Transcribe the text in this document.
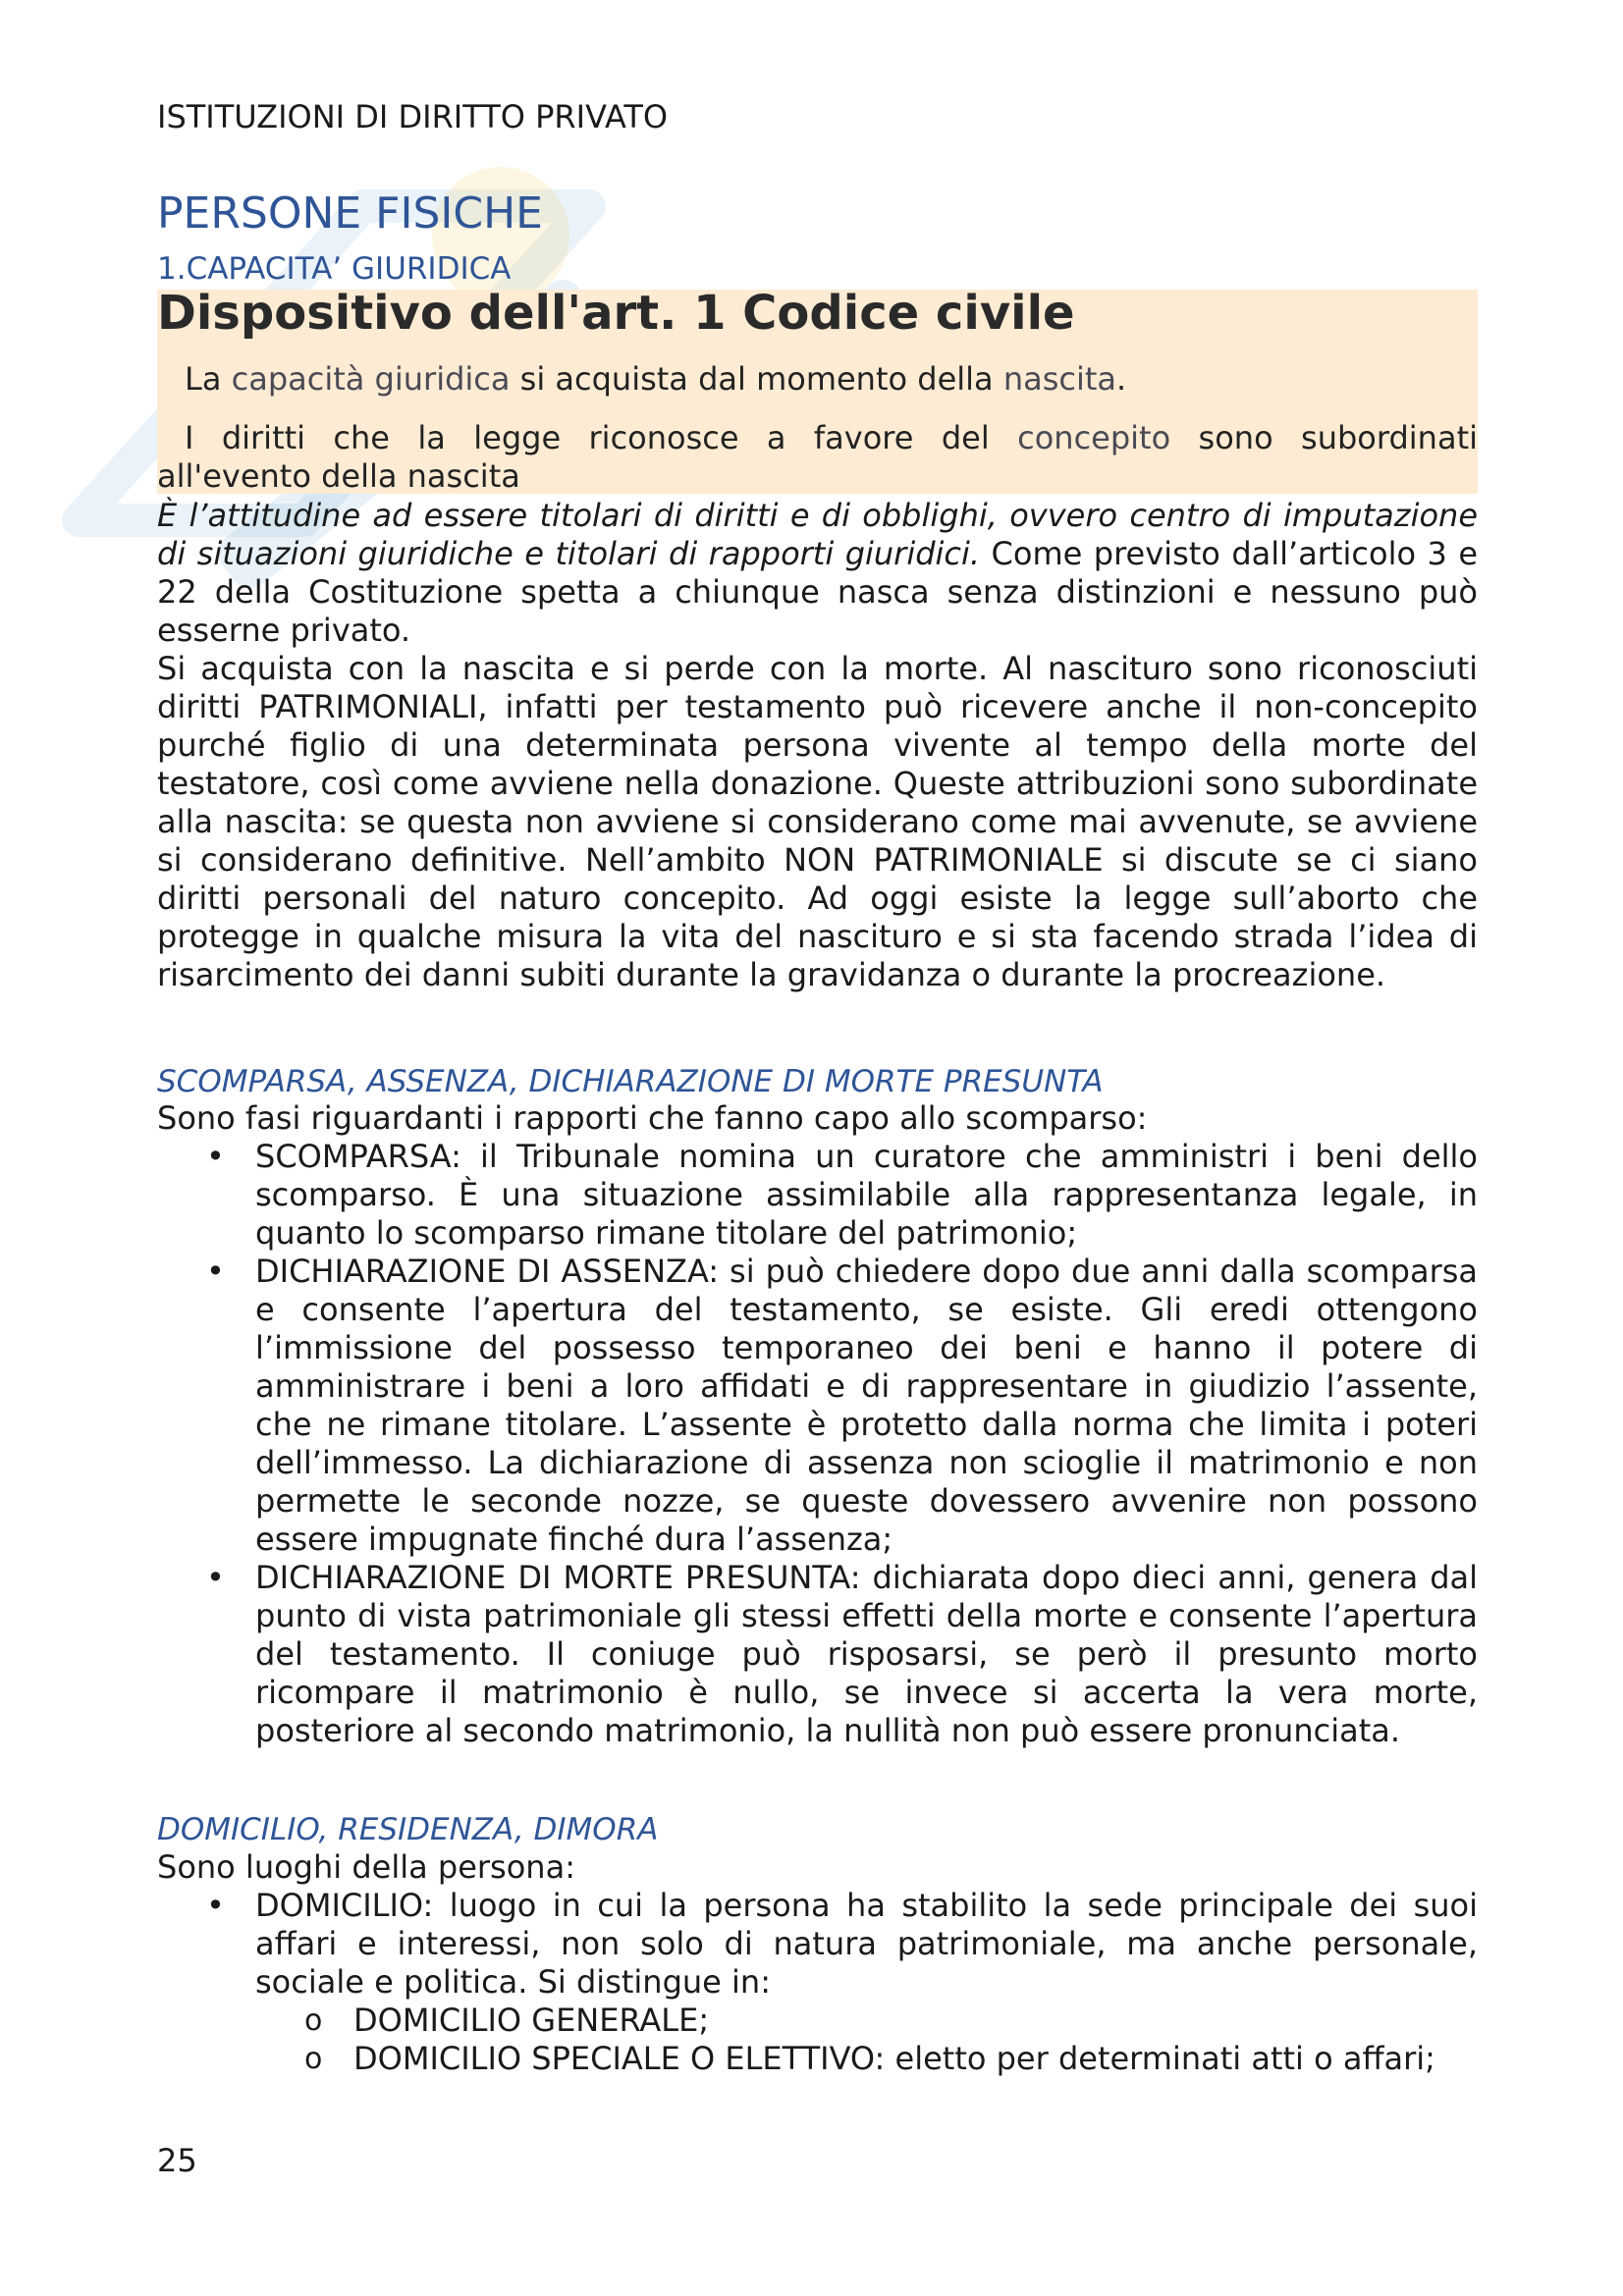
ISTITUZIONI DI DIRITTO PRIVATO
PERSONE FISICHE
1.CAPACITA’ GIURIDICA
Dispositivo dell'art. 1 Codice civile
La capacità giuridica si acquista dal momento della nascita.
I diritti che la legge riconosce a favore del concepito sono subordinati
all'evento della nascita

È l’attitudine ad essere titolari di diritti e di obblighi, ovvero centro di imputazione di situazioni giuridiche e titolari di rapporti giuridici. Come previsto dall’articolo 3 e 22 della Costituzione spetta a chiunque nasca senza distinzioni e nessuno può esserne privato.

Si acquista con la nascita e si perde con la morte. Al nascituro sono riconosciuti diritti PATRIMONIALI, infatti per testamento può ricevere anche il non-concepito purché figlio di una determinata persona vivente al tempo della morte del testatore, così come avviene nella donazione. Queste attribuzioni sono subordinate alla nascita: se questa non avviene si considerano come mai avvenute, se avviene si considerano definitive. Nell’ambito NON PATRIMONIALE si discute se ci siano diritti personali del naturo concepito. Ad oggi esiste la legge sull’aborto che protegge in qualche misura la vita del nascituro e si sta facendo strada l’idea di risarcimento dei danni subiti durante la gravidanza o durante la procreazione.

SCOMPARSA, ASSENZA, DICHIARAZIONE DI MORTE PRESUNTA
Sono fasi riguardanti i rapporti che fanno capo allo scomparso:
• SCOMPARSA: il Tribunale nomina un curatore che amministri i beni dello scomparso. È una situazione assimilabile alla rappresentanza legale, in quanto lo scomparso rimane titolare del patrimonio;
• DICHIARAZIONE DI ASSENZA: si può chiedere dopo due anni dalla scomparsa e consente l’apertura del testamento, se esiste. Gli eredi ottengono l’immissione del possesso temporaneo dei beni e hanno il potere di amministrare i beni a loro affidati e di rappresentare in giudizio l’assente, che ne rimane titolare. L’assente è protetto dalla norma che limita i poteri dell’immesso. La dichiarazione di assenza non scioglie il matrimonio e non permette le seconde nozze, se queste dovessero avvenire non possono essere impugnate finché dura l’assenza;
• DICHIARAZIONE DI MORTE PRESUNTA: dichiarata dopo dieci anni, genera dal punto di vista patrimoniale gli stessi effetti della morte e consente l’apertura del testamento. Il coniuge può risposarsi, se però il presunto morto ricompare il matrimonio è nullo, se invece si accerta la vera morte, posteriore al secondo matrimonio, la nullità non può essere pronunciata.
DOMICILIO, RESIDENZA, DIMORA
Sono luoghi della persona:
• DOMICILIO: luogo in cui la persona ha stabilito la sede principale dei suoi affari e interessi, non solo di natura patrimoniale, ma anche personale, sociale e politica. Si distingue in:
o DOMICILIO GENERALE;
o DOMICILIO SPECIALE O ELETTIVO: eletto per determinati atti o affari;
25
